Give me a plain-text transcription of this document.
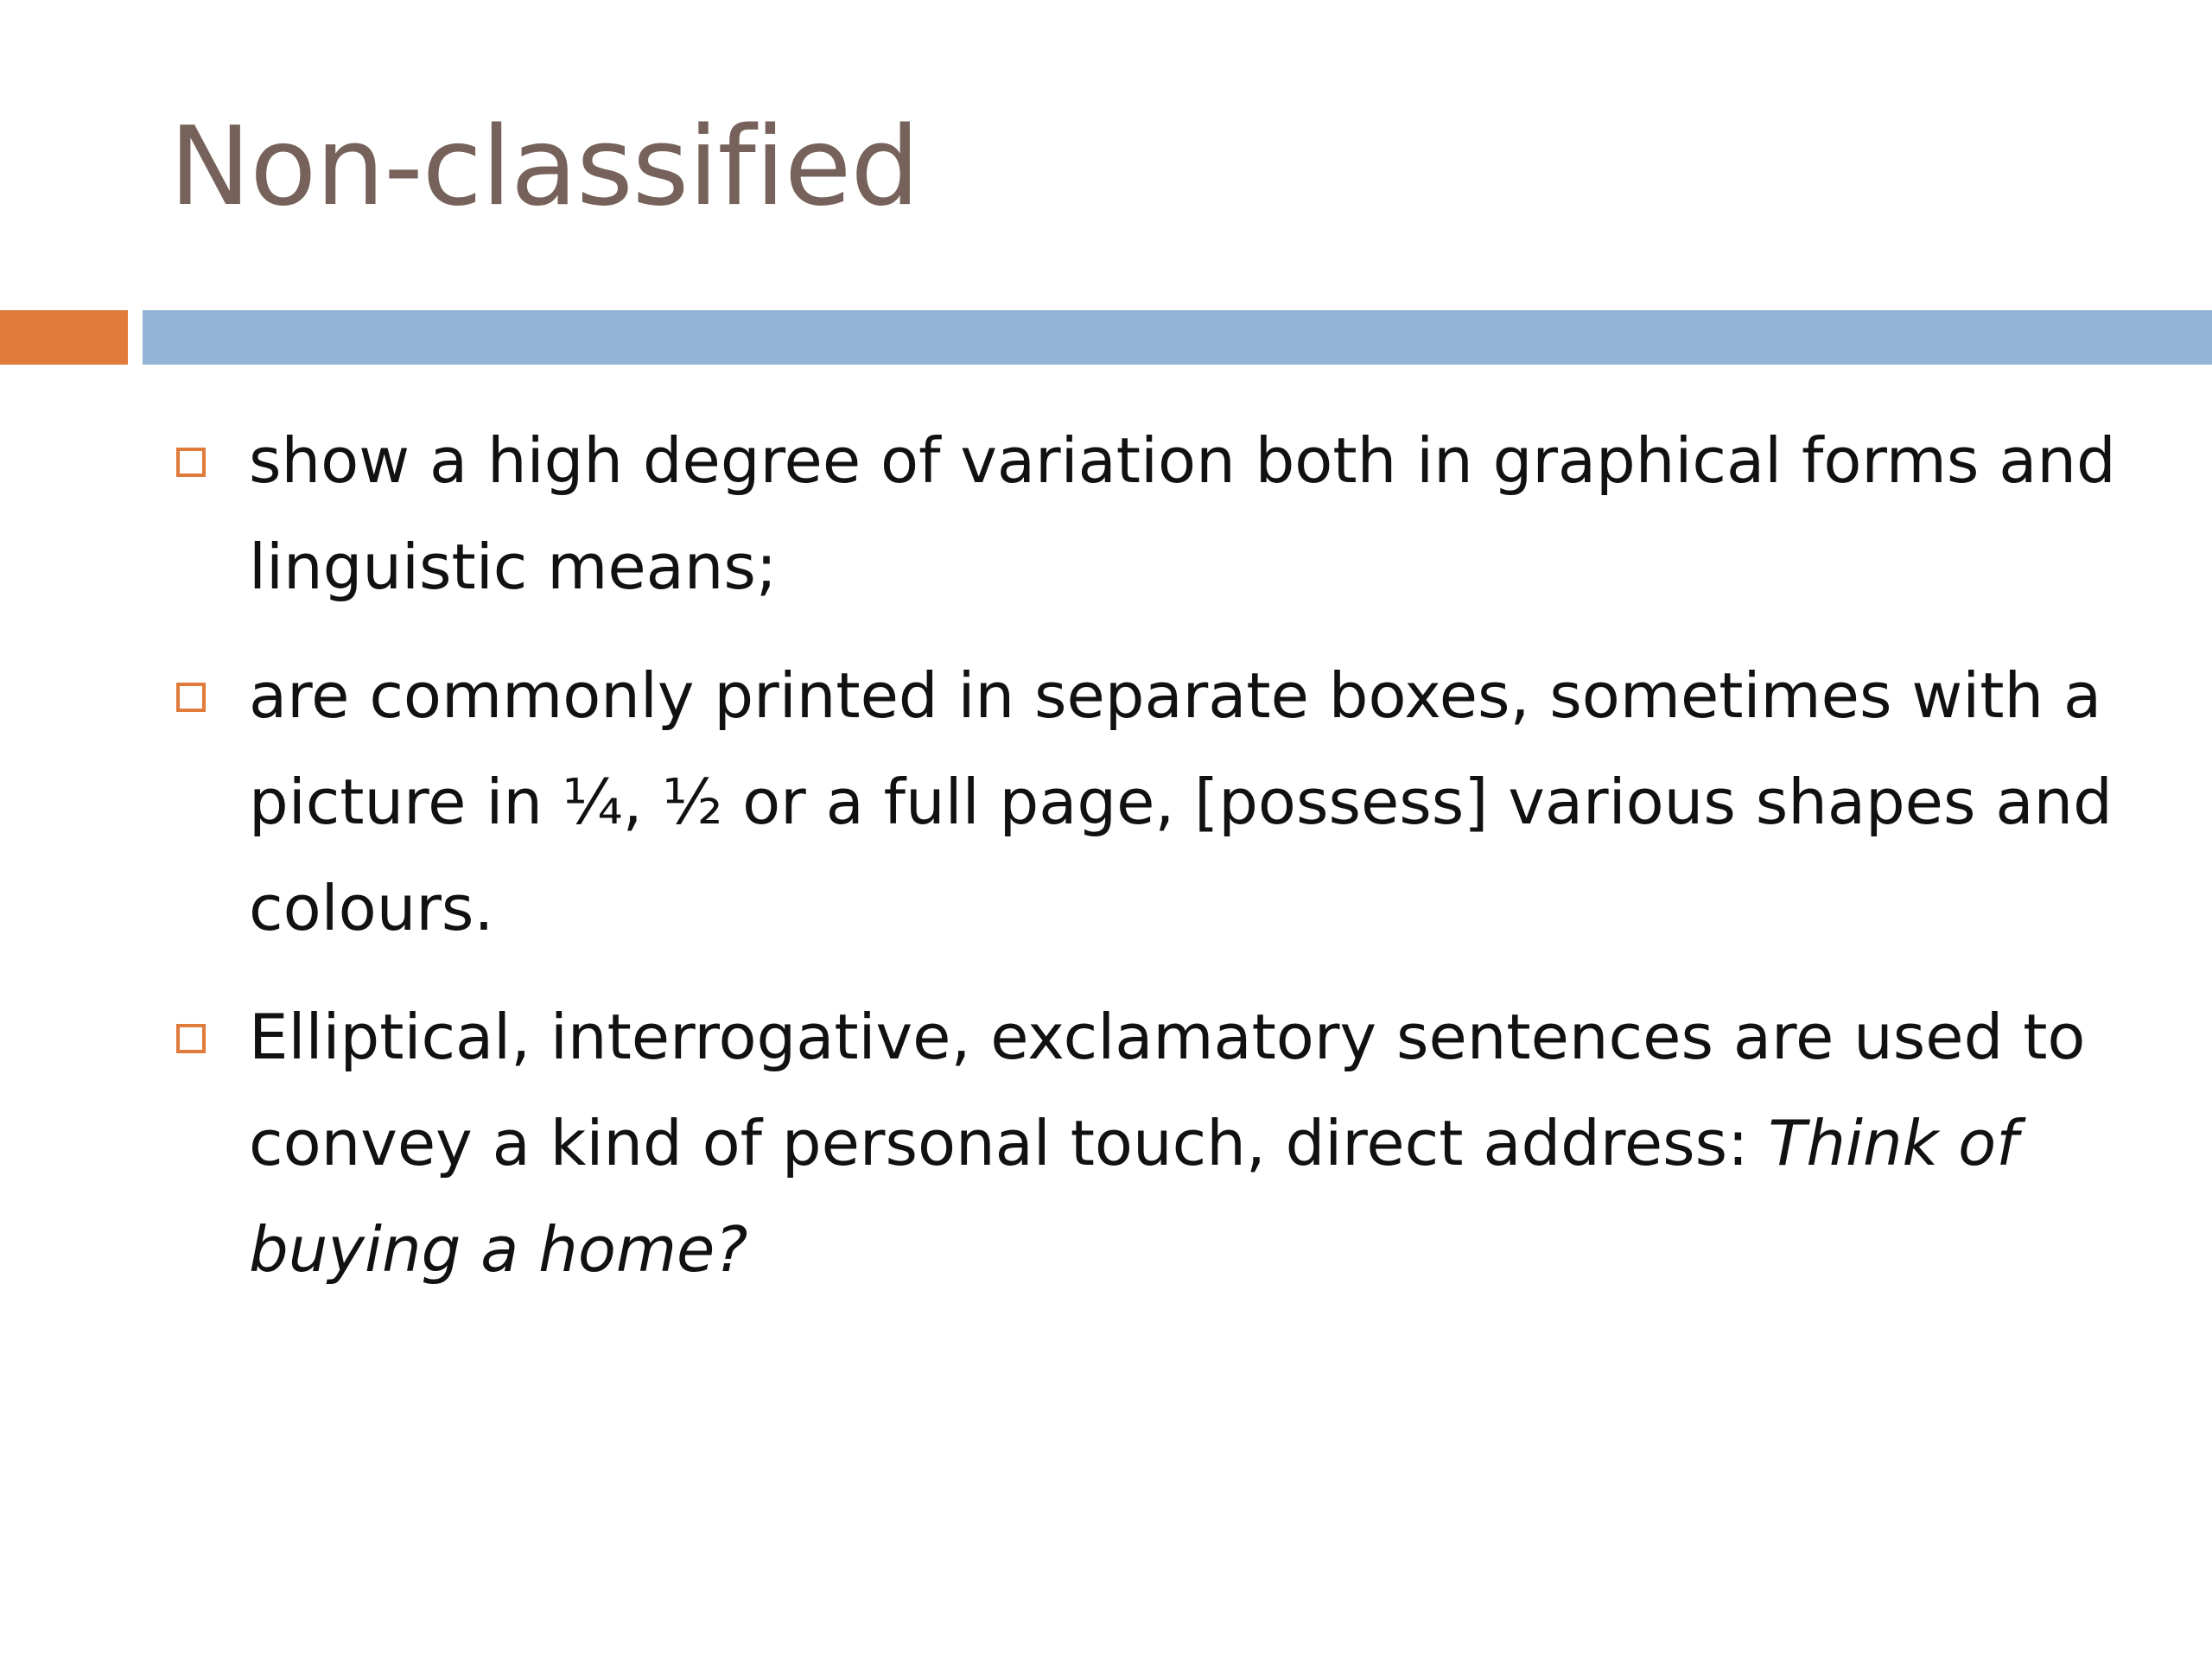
Non-classified
show a high degree of variation both in graphical forms and linguistic means;
are commonly printed in separate boxes, sometimes with a picture in ¼, ½ or a full page, [possess] various shapes and colours.
Elliptical, interrogative, exclamatory sentences are used to convey a kind of personal touch, direct address: Think of buying a home?
